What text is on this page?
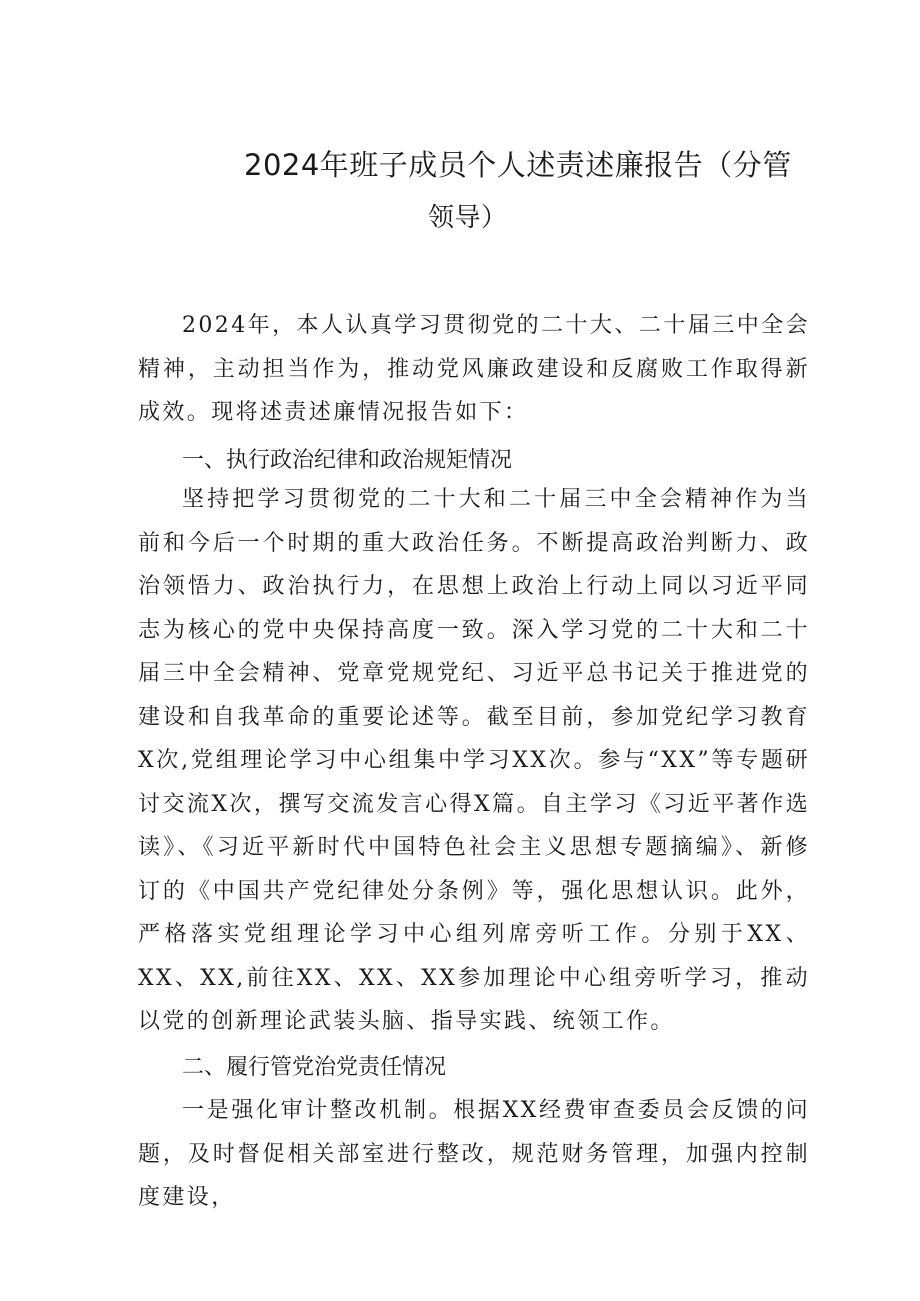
2024年班子成员个人述责述廉报告（分管
领导）

2024年，本人认真学习贯彻党的二十大、二十届三中全会精神，主动担当作为，推动党风廉政建设和反腐败工作取得新成效。现将述责述廉情况报告如下：

一、执行政治纪律和政治规矩情况

坚持把学习贯彻党的二十大和二十届三中全会精神作为当前和今后一个时期的重大政治任务。不断提高政治判断力、政治领悟力、政治执行力，在思想上政治上行动上同以习近平同志为核心的党中央保持高度一致。深入学习党的二十大和二十届三中全会精神、党章党规党纪、习近平总书记关于推进党的建设和自我革命的重要论述等。截至目前，参加党纪学习教育X次,党组理论学习中心组集中学习XX次。参与“XX”等专题研讨交流X次，撰写交流发言心得X篇。自主学习《习近平著作选读》、《习近平新时代中国特色社会主义思想专题摘编》、新修订的《中国共产党纪律处分条例》等，强化思想认识。此外，严格落实党组理论学习中心组列席旁听工作。分别于XX、XX、XX,前往XX、XX、XX参加理论中心组旁听学习，推动以党的创新理论武装头脑、指导实践、统领工作。

二、履行管党治党责任情况

一是强化审计整改机制。根据XX经费审查委员会反馈的问题，及时督促相关部室进行整改，规范财务管理，加强内控制度建设，
